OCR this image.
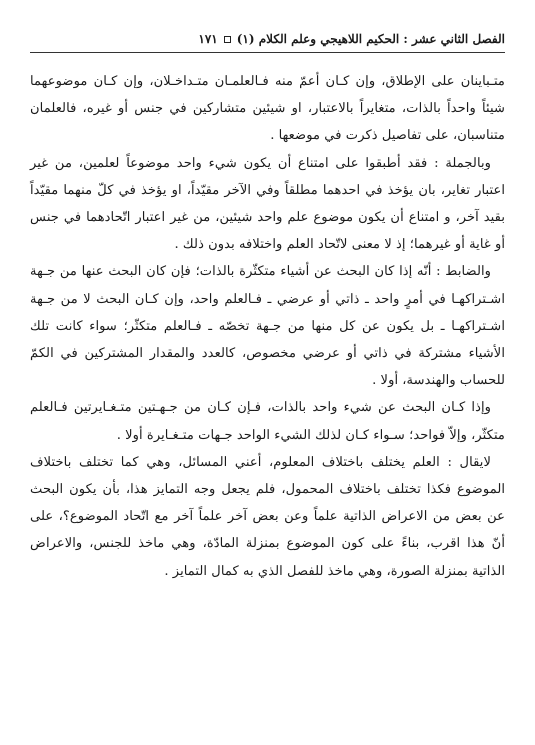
الفصل الثاني عشر : الحكيم اللاهيجي وعلم الكلام (١)
١٧١

متـباينان على الإطلاق، وإن كـان أعمّ منه فـالعلمـان متـداخـلان، وإن كـان موضوعهما شيئاً واحداً بالذات، متغايراً بالاعتبار، او شيئين متشاركين في جنس أو غيره، فالعلمان متناسبان، على تفاصيل ذكرت في موضعها .

وبالجملة : فقد أطبقوا على امتناع أن يكون شيء واحد موضوعاً لعلمين، من غير اعتبار تغاير، بان يؤخذ في احدهما مطلقاً وفي الآخر مقيّداً، او يؤخذ في كلّ منهما مقيّداً بقيد آخر، و امتناع أن يكون موضوع علم واحد شيئين، من غير اعتبار اتّحادهما في جنس أو غاية أو غيرهما؛ إذ لا معنى لاتّحاد العلم واختلافه بدون ذلك .

والضابط : أنّه إذا كان البحث عن أشياء متكثّرة بالذات؛ فإن كان البحث عنها من جـهة اشـتراكهـا في أمرٍ واحد ـ ذاتي أو عرضي ـ فـالعلم واحد، وإن كـان البحث لا من جـهة اشـتراكهـا ـ بل يكون عن كل منها من جـهة تخصّه ـ فـالعلم متكثّر؛ سواء كانت تلك الأشياء مشتركة في ذاتي أو عرضي مخصوص، كالعدد والمقدار المشتركين في الكمّ للحساب والهندسة، أولا .

وإذا كـان البحث عن شيء واحد بالذات، فـإن كـان من جـهـتين متـغـايرتين فـالعلم متكثّر، وإلاّ فواحد؛ سـواء كـان لذلك الشيء الواحد جـهات متـغـايرة أولا .

لايقال : العلم يختلف باختلاف المعلوم، أعني المسائل، وهي كما تختلف باختلاف الموضوع فكذا تختلف باختلاف المحمول، فلم يجعل وجه التمايز هذا، بأن يكون البحث عن بعض من الاعراض الذاتية علماً وعن بعض آخر علماً آخر مع اتّحاد الموضوع؟، على أنّ هذا اقرب، بناءً على كون الموضوع بمنزلة المادّة، وهي ماخذ للجنس، والاعراض الذاتية بمنزلة الصورة، وهي ماخذ للفصل الذي به كمال التمايز .
